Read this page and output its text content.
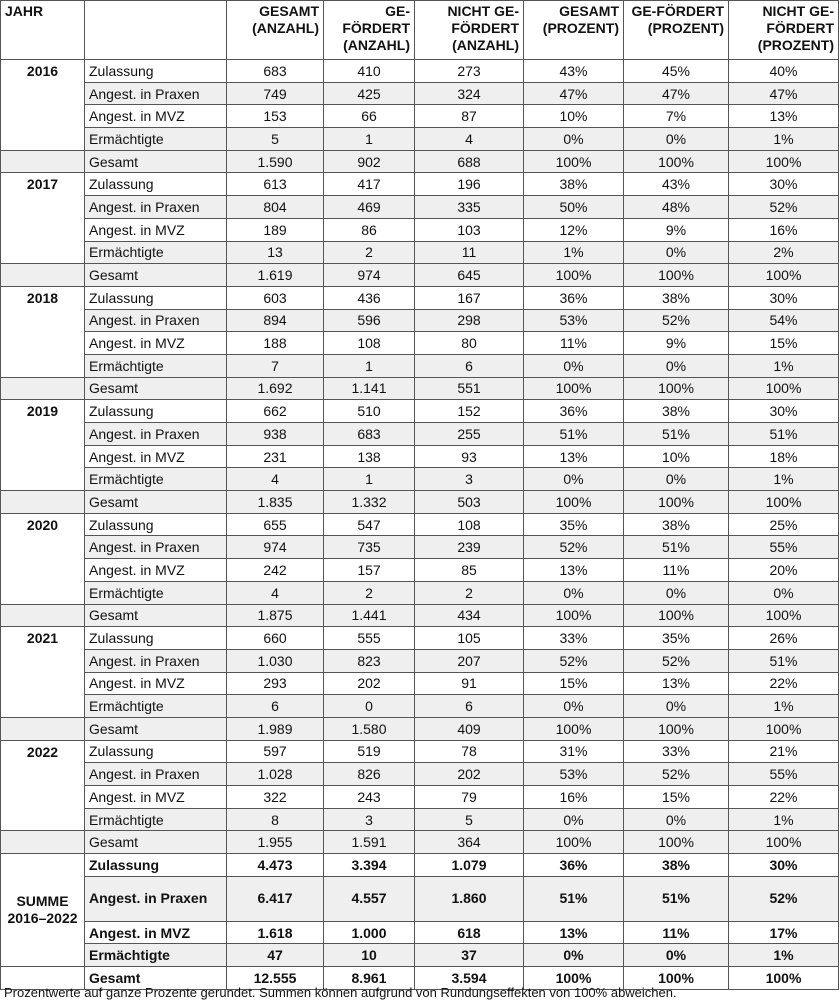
JAHR		GESAMT (ANZAHL)	GE-FÖRDERT (ANZAHL)	NICHT GE-FÖRDERT (ANZAHL)	GESAMT (PROZENT)	GE-FÖRDERT (PROZENT)	NICHT GE-FÖRDERT (PROZENT)
2016	Zulassung	683	410	273	43%	45%	40%
	Angest. in Praxen	749	425	324	47%	47%	47%
	Angest. in MVZ	153	66	87	10%	7%	13%
	Ermächtigte	5	1	4	0%	0%	1%
	Gesamt	1.590	902	688	100%	100%	100%
2017	Zulassung	613	417	196	38%	43%	30%
	Angest. in Praxen	804	469	335	50%	48%	52%
	Angest. in MVZ	189	86	103	12%	9%	16%
	Ermächtigte	13	2	11	1%	0%	2%
	Gesamt	1.619	974	645	100%	100%	100%
2018	Zulassung	603	436	167	36%	38%	30%
	Angest. in Praxen	894	596	298	53%	52%	54%
	Angest. in MVZ	188	108	80	11%	9%	15%
	Ermächtigte	7	1	6	0%	0%	1%
	Gesamt	1.692	1.141	551	100%	100%	100%
2019	Zulassung	662	510	152	36%	38%	30%
	Angest. in Praxen	938	683	255	51%	51%	51%
	Angest. in MVZ	231	138	93	13%	10%	18%
	Ermächtigte	4	1	3	0%	0%	1%
	Gesamt	1.835	1.332	503	100%	100%	100%
2020	Zulassung	655	547	108	35%	38%	25%
	Angest. in Praxen	974	735	239	52%	51%	55%
	Angest. in MVZ	242	157	85	13%	11%	20%
	Ermächtigte	4	2	2	0%	0%	0%
	Gesamt	1.875	1.441	434	100%	100%	100%
2021	Zulassung	660	555	105	33%	35%	26%
	Angest. in Praxen	1.030	823	207	52%	52%	51%
	Angest. in MVZ	293	202	91	15%	13%	22%
	Ermächtigte	6	0	6	0%	0%	1%
	Gesamt	1.989	1.580	409	100%	100%	100%
2022	Zulassung	597	519	78	31%	33%	21%
	Angest. in Praxen	1.028	826	202	53%	52%	55%
	Angest. in MVZ	322	243	79	16%	15%	22%
	Ermächtigte	8	3	5	0%	0%	1%
	Gesamt	1.955	1.591	364	100%	100%	100%
SUMME 2016–2022	Zulassung	4.473	3.394	1.079	36%	38%	30%
	Angest. in Praxen	6.417	4.557	1.860	51%	51%	52%
	Angest. in MVZ	1.618	1.000	618	13%	11%	17%
	Ermächtigte	47	10	37	0%	0%	1%
	Gesamt	12.555	8.961	3.594	100%	100%	100%
Prozentwerte auf ganze Prozente gerundet. Summen können aufgrund von Rundungseffekten von 100% abweichen.
